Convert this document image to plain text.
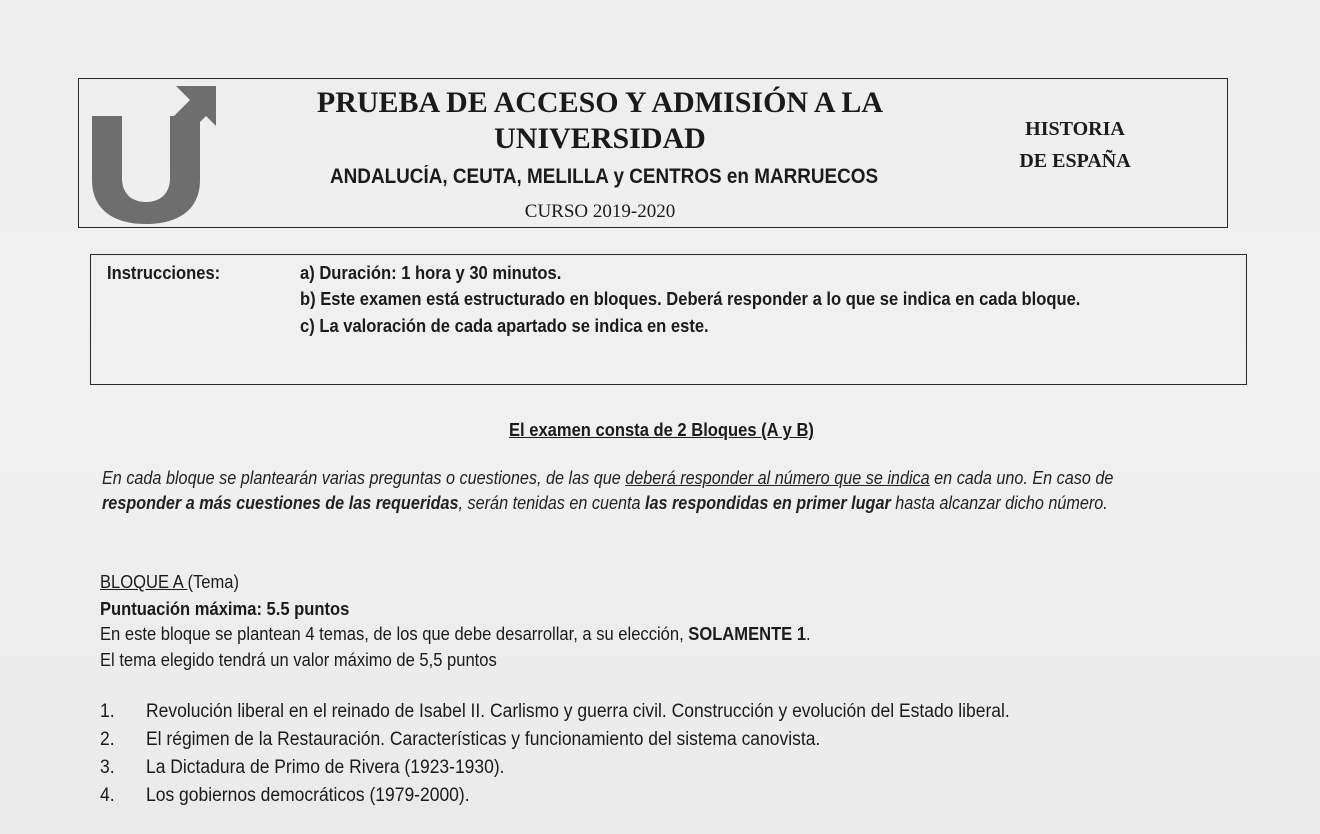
PRUEBA DE ACCESO Y ADMISIÓN A LA
UNIVERSIDAD
ANDALUCÍA, CEUTA, MELILLA y CENTROS en MARRUECOS
CURSO 2019-2020
HISTORIA
DE ESPAÑA
Instrucciones:	a) Duración: 1 hora y 30 minutos.
b) Este examen está estructurado en bloques. Deberá responder a lo que se indica en cada bloque.
c) La valoración de cada apartado se indica en este.
El examen consta de 2 Bloques (A y B)
En cada bloque se plantearán varias preguntas o cuestiones, de las que deberá responder al número que se indica en cada uno. En caso de responder a más cuestiones de las requeridas, serán tenidas en cuenta las respondidas en primer lugar hasta alcanzar dicho número.
BLOQUE A (Tema)
Puntuación máxima: 5.5 puntos
En este bloque se plantean 4 temas, de los que debe desarrollar, a su elección, SOLAMENTE 1.
El tema elegido tendrá un valor máximo de 5,5 puntos
1. Revolución liberal en el reinado de Isabel II. Carlismo y guerra civil. Construcción y evolución del Estado liberal.
2. El régimen de la Restauración. Características y funcionamiento del sistema canovista.
3. La Dictadura de Primo de Rivera (1923-1930).
4. Los gobiernos democráticos (1979-2000).
